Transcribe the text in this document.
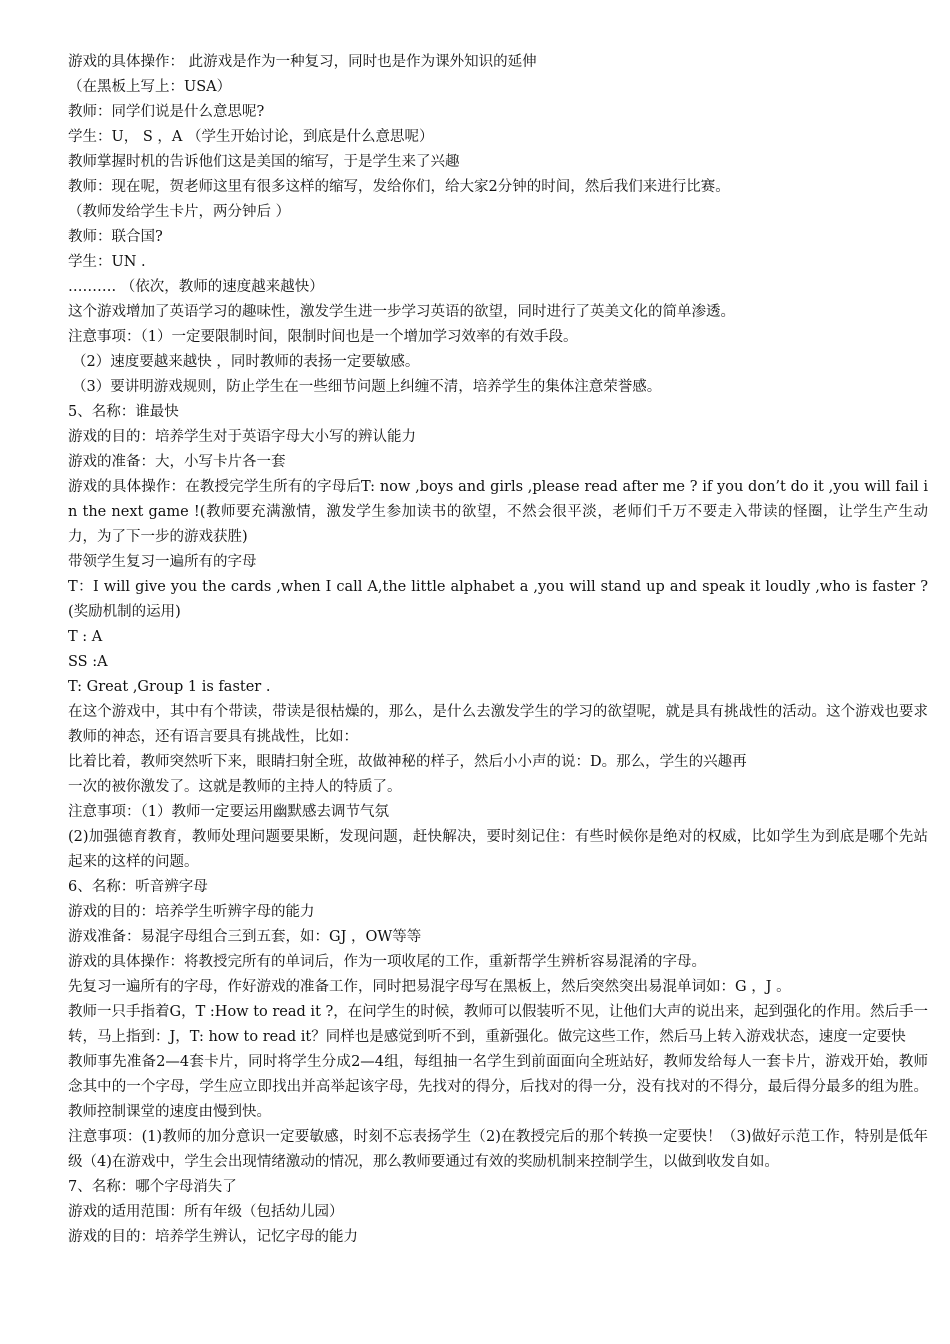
游戏的具体操作： 此游戏是作为一种复习，同时也是作为课外知识的延伸
（在黑板上写上：USA）
教师：同学们说是什么意思呢?
学生：U， S ，A （学生开始讨论，到底是什么意思呢）
教师掌握时机的告诉他们这是美国的缩写，于是学生来了兴趣
教师：现在呢，贺老师这里有很多这样的缩写，发给你们，给大家2分钟的时间，然后我们来进行比赛。
（教师发给学生卡片，两分钟后 ）
教师：联合国?
学生：UN .
………. （依次，教师的速度越来越快）
这个游戏增加了英语学习的趣味性，激发学生进一步学习英语的欲望，同时进行了英美文化的简单渗透。
注意事项：（1）一定要限制时间，限制时间也是一个增加学习效率的有效手段。
（2）速度要越来越快 ，同时教师的表扬一定要敏感。
（3）要讲明游戏规则，防止学生在一些细节问题上纠缠不清，培养学生的集体注意荣誉感。
5、名称：谁最快
游戏的目的：培养学生对于英语字母大小写的辨认能力
游戏的准备：大，小写卡片各一套
游戏的具体操作：在教授完学生所有的字母后T: now ,boys and girls ,please read after me ? if you don’t do it ,you will fail in the next game !(教师要充满激情，激发学生参加读书的欲望，不然会很平淡，老师们千万不要走入带读的怪圈，让学生产生动力，为了下一步的游戏获胜)
带领学生复习一遍所有的字母
T：I will give you the cards ,when I call A,the little alphabet a ,you will stand up and speak it loudly ,who is faster ?(奖励机制的运用)
T : A
SS :A
T: Great ,Group 1 is faster .
在这个游戏中，其中有个带读，带读是很枯燥的，那么，是什么去激发学生的学习的欲望呢，就是具有挑战性的活动。这个游戏也要求教师的神态，还有语言要具有挑战性，比如：
比着比着，教师突然听下来，眼睛扫射全班，故做神秘的样子，然后小小声的说：D。那么，学生的兴趣再
一次的被你激发了。这就是教师的主持人的特质了。
注意事项：（1）教师一定要运用幽默感去调节气氛
(2)加强德育教育，教师处理问题要果断，发现问题，赶快解决，要时刻记住：有些时候你是绝对的权威，比如学生为到底是哪个先站起来的这样的问题。
6、名称：听音辨字母
游戏的目的：培养学生听辨字母的能力
游戏准备：易混字母组合三到五套，如：GJ ，OW等等
游戏的具体操作：将教授完所有的单词后，作为一项收尾的工作，重新帮学生辨析容易混淆的字母。
先复习一遍所有的字母，作好游戏的准备工作，同时把易混字母写在黑板上，然后突然突出易混单词如：G ，J 。
教师一只手指着G，T :How to read it ?，在问学生的时候，教师可以假装听不见，让他们大声的说出来，起到强化的作用。然后手一转，马上指到：J，T: how to read it？同样也是感觉到听不到，重新强化。做完这些工作，然后马上转入游戏状态，速度一定要快
教师事先准备2—4套卡片，同时将学生分成2—4组，每组抽一名学生到前面面向全班站好，教师发给每人一套卡片，游戏开始，教师念其中的一个字母，学生应立即找出并高举起该字母，先找对的得分，后找对的得一分，没有找对的不得分，最后得分最多的组为胜。教师控制课堂的速度由慢到快。
注意事项：(1)教师的加分意识一定要敏感，时刻不忘表扬学生（2)在教授完后的那个转换一定要快！（3)做好示范工作，特别是低年级（4)在游戏中，学生会出现情绪激动的情况，那么教师要通过有效的奖励机制来控制学生，以做到收发自如。
7、名称：哪个字母消失了
游戏的适用范围：所有年级（包括幼儿园）
游戏的目的：培养学生辨认，记忆字母的能力
